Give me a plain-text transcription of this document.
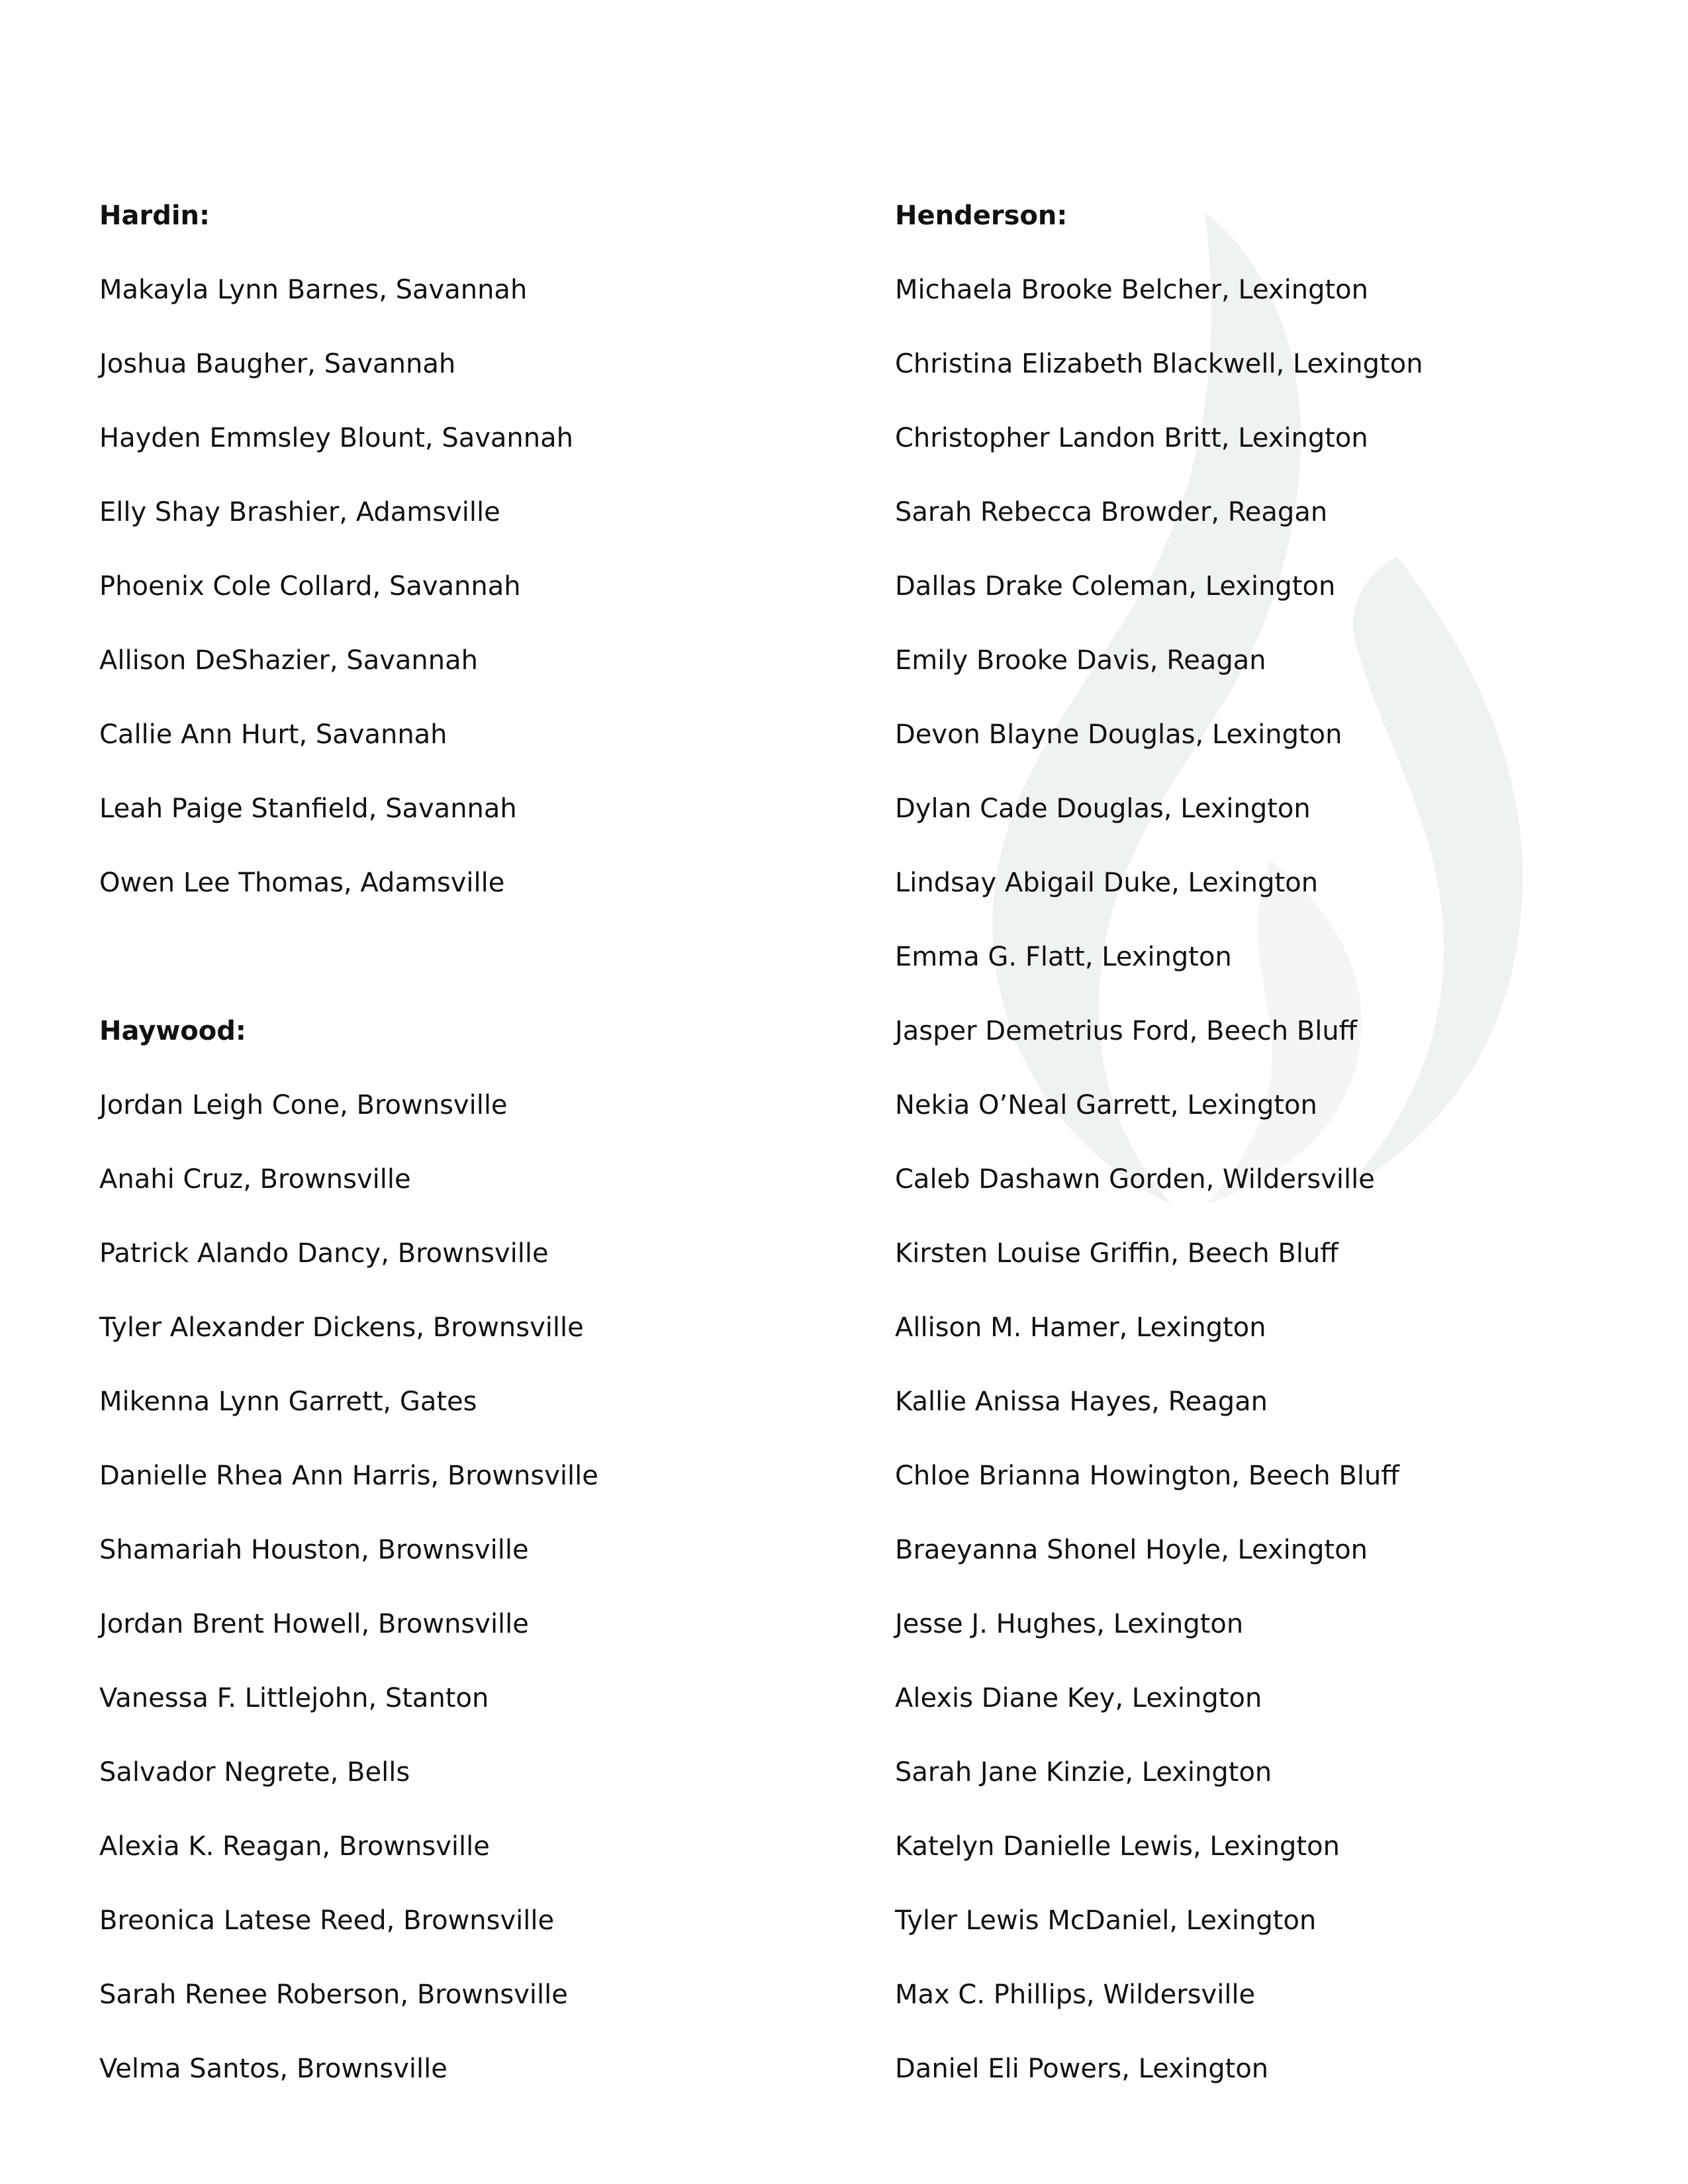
Hardin:
Makayla Lynn Barnes, Savannah
Joshua Baugher, Savannah
Hayden Emmsley Blount, Savannah
Elly Shay Brashier, Adamsville
Phoenix Cole Collard, Savannah
Allison DeShazier, Savannah
Callie Ann Hurt, Savannah
Leah Paige Stanfield, Savannah
Owen Lee Thomas, Adamsville
Haywood:
Jordan Leigh Cone, Brownsville
Anahi Cruz, Brownsville
Patrick Alando Dancy, Brownsville
Tyler Alexander Dickens, Brownsville
Mikenna Lynn Garrett, Gates
Danielle Rhea Ann Harris, Brownsville
Shamariah Houston, Brownsville
Jordan Brent Howell, Brownsville
Vanessa F. Littlejohn, Stanton
Salvador Negrete, Bells
Alexia K. Reagan, Brownsville
Breonica Latese Reed, Brownsville
Sarah Renee Roberson, Brownsville
Velma Santos, Brownsville
Henderson:
Michaela Brooke Belcher, Lexington
Christina Elizabeth Blackwell, Lexington
Christopher Landon Britt, Lexington
Sarah Rebecca Browder, Reagan
Dallas Drake Coleman, Lexington
Emily Brooke Davis, Reagan
Devon Blayne Douglas, Lexington
Dylan Cade Douglas, Lexington
Lindsay Abigail Duke, Lexington
Emma G. Flatt, Lexington
Jasper Demetrius Ford, Beech Bluff
Nekia O’Neal Garrett, Lexington
Caleb Dashawn Gorden, Wildersville
Kirsten Louise Griffin, Beech Bluff
Allison M. Hamer, Lexington
Kallie Anissa Hayes, Reagan
Chloe Brianna Howington, Beech Bluff
Braeyanna Shonel Hoyle, Lexington
Jesse J. Hughes, Lexington
Alexis Diane Key, Lexington
Sarah Jane Kinzie, Lexington
Katelyn Danielle Lewis, Lexington
Tyler Lewis McDaniel, Lexington
Max C. Phillips, Wildersville
Daniel Eli Powers, Lexington
